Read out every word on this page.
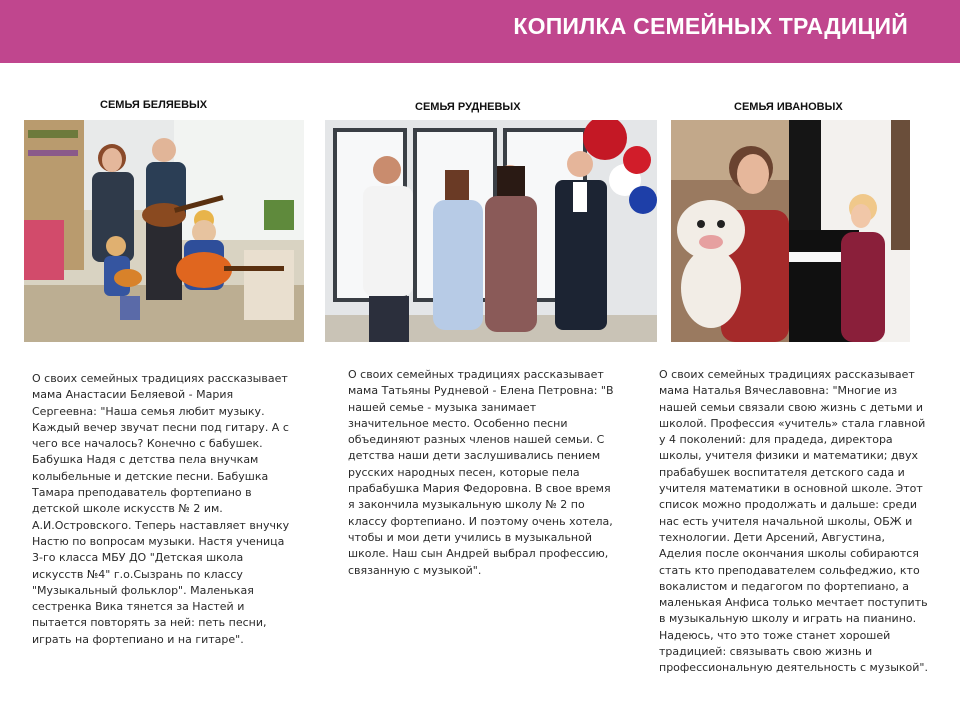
КОПИЛКА СЕМЕЙНЫХ ТРАДИЦИЙ
СЕМЬЯ БЕЛЯЕВЫХ

О своих семейных традициях рассказывает мама Анастасии Беляевой - Мария Сергеевна: "Наша семья любит музыку. Каждый вечер звучат песни под гитару. А с чего все началось? Конечно с бабушек. Бабушка Надя с детства пела внучкам колыбельные и детские песни. Бабушка Тамара преподаватель фортепиано в детской школе искусств № 2 им. А.И.Островского. Теперь наставляет внучку Настю по вопросам музыки. Настя ученица 3-го класса МБУ ДО "Детская школа искусств №4" г.о.Сызрань по классу "Музыкальный фольклор". Маленькая сестренка Вика тянется за Настей и пытается повторять за ней: петь песни, играть на фортепиано и на гитаре".

СЕМЬЯ РУДНЕВЫХ

О своих семейных традициях рассказывает мама Татьяны Рудневой - Елена Петровна: "В нашей семье - музыка занимает значительное место. Особенно песни объединяют разных членов нашей семьи. С детства наши дети заслушивались пением русских народных песен, которые пела прабабушка Мария Федоровна. В свое время я закончила музыкальную школу № 2 по классу фортепиано. И поэтому очень хотела, чтобы и мои дети учились в музыкальной школе. Наш сын Андрей выбрал профессию, связанную с музыкой".

СЕМЬЯ ИВАНОВЫХ

О своих семейных традициях рассказывает мама Наталья Вячеславовна: "Многие из нашей семьи связали свою жизнь с детьми и школой. Профессия «учитель» стала главной у 4 поколений: для прадеда, директора школы, учителя физики и математики; двух прабабушек воспитателя детского сада и учителя математики в основной школе. Этот список можно продолжать и дальше: среди нас есть учителя начальной школы, ОБЖ и технологии. Дети Арсений, Августина, Аделия после окончания школы собираются стать кто преподавателем сольфеджио, кто вокалистом и педагогом по фортепиано, а маленькая Анфиса только мечтает поступить в музыкальную школу и играть на пианино. Надеюсь, что это тоже станет хорошей традицией: связывать свою жизнь и профессиональную деятельность с музыкой".
